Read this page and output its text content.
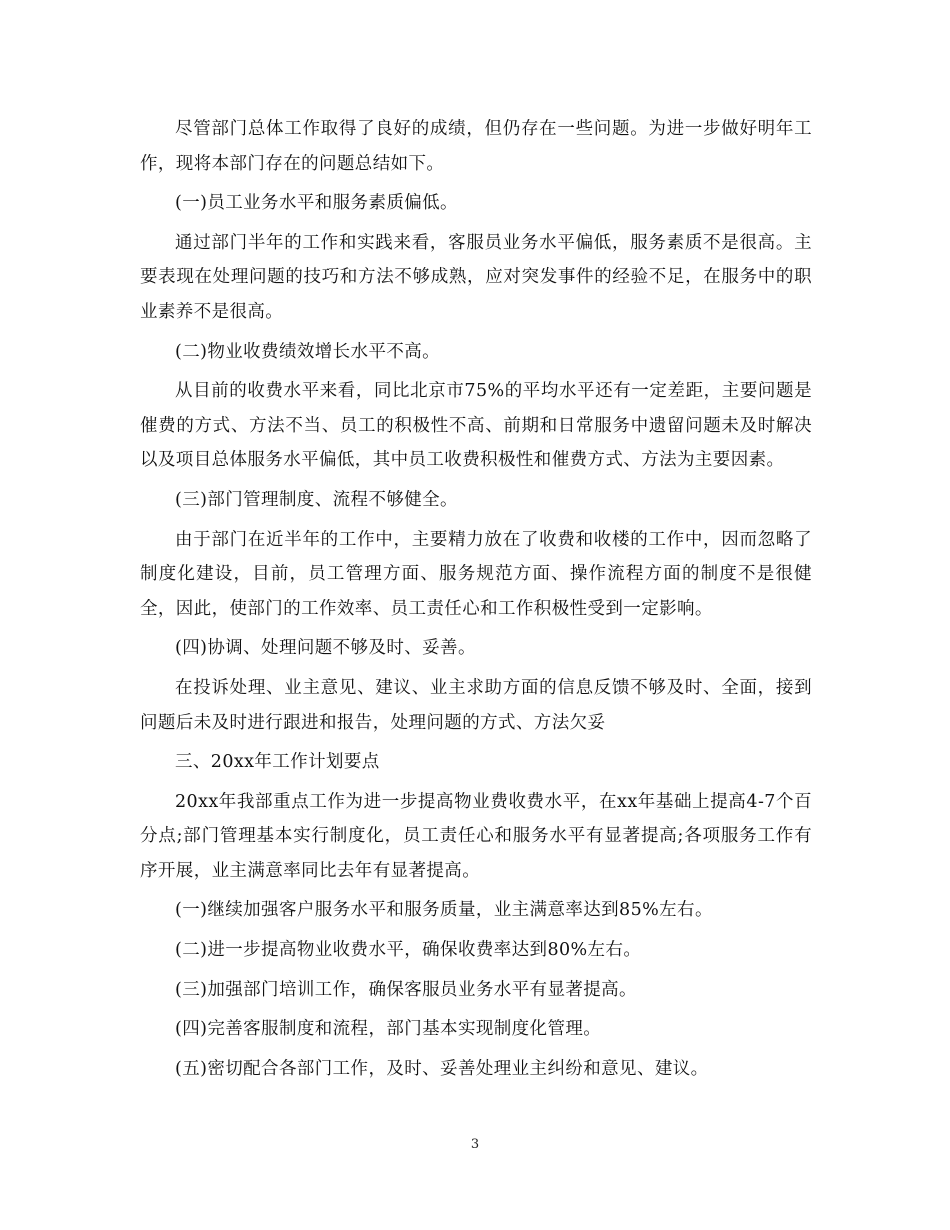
尽管部门总体工作取得了良好的成绩，但仍存在一些问题。为进一步做好明年工作，现将本部门存在的问题总结如下。

(一)员工业务水平和服务素质偏低。

通过部门半年的工作和实践来看，客服员业务水平偏低，服务素质不是很高。主要表现在处理问题的技巧和方法不够成熟，应对突发事件的经验不足，在服务中的职业素养不是很高。

(二)物业收费绩效增长水平不高。

从目前的收费水平来看，同比北京市75%的平均水平还有一定差距，主要问题是催费的方式、方法不当、员工的积极性不高、前期和日常服务中遗留问题未及时解决以及项目总体服务水平偏低，其中员工收费积极性和催费方式、方法为主要因素。

(三)部门管理制度、流程不够健全。

由于部门在近半年的工作中，主要精力放在了收费和收楼的工作中，因而忽略了制度化建设，目前，员工管理方面、服务规范方面、操作流程方面的制度不是很健全，因此，使部门的工作效率、员工责任心和工作积极性受到一定影响。

(四)协调、处理问题不够及时、妥善。

在投诉处理、业主意见、建议、业主求助方面的信息反馈不够及时、全面，接到问题后未及时进行跟进和报告，处理问题的方式、方法欠妥

三、20xx年工作计划要点

20xx年我部重点工作为进一步提高物业费收费水平，在xx年基础上提高4-7个百分点;部门管理基本实行制度化，员工责任心和服务水平有显著提高;各项服务工作有序开展，业主满意率同比去年有显著提高。

(一)继续加强客户服务水平和服务质量，业主满意率达到85%左右。

(二)进一步提高物业收费水平，确保收费率达到80%左右。

(三)加强部门培训工作，确保客服员业务水平有显著提高。

(四)完善客服制度和流程，部门基本实现制度化管理。

(五)密切配合各部门工作，及时、妥善处理业主纠纷和意见、建议。

3
